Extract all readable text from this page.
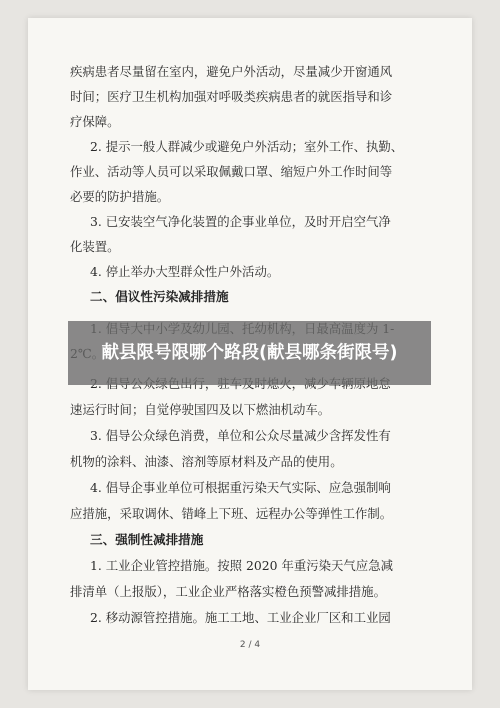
疾病患者尽量留在室内，避免户外活动，尽量减少开窗通风
时间；医疗卫生机构加强对呼吸类疾病患者的就医指导和诊
疗保障。
2. 提示一般人群减少或避免户外活动；室外工作、执勤、
作业、活动等人员可以采取佩戴口罩、缩短户外工作时间等
必要的防护措施。
3. 已安装空气净化装置的企事业单位，及时开启空气净
化装置。
4. 停止举办大型群众性户外活动。
二、倡议性污染减排措施
速运行时间；自觉停驶国四及以下燃油机动车。
3. 倡导公众绿色消费，单位和公众尽量减少含挥发性有
机物的涂料、油漆、溶剂等原材料及产品的使用。
4. 倡导企事业单位可根据重污染天气实际、应急强制响
应措施，采取调休、错峰上下班、远程办公等弹性工作制。
三、强制性减排措施
1. 工业企业管控措施。按照 2020 年重污染天气应急减
排清单（上报版），工业企业严格落实橙色预警减排措施。
2. 移动源管控措施。施工工地、工业企业厂区和工业园
2 / 4
献县限号限哪个路段(献县哪条街限号)
